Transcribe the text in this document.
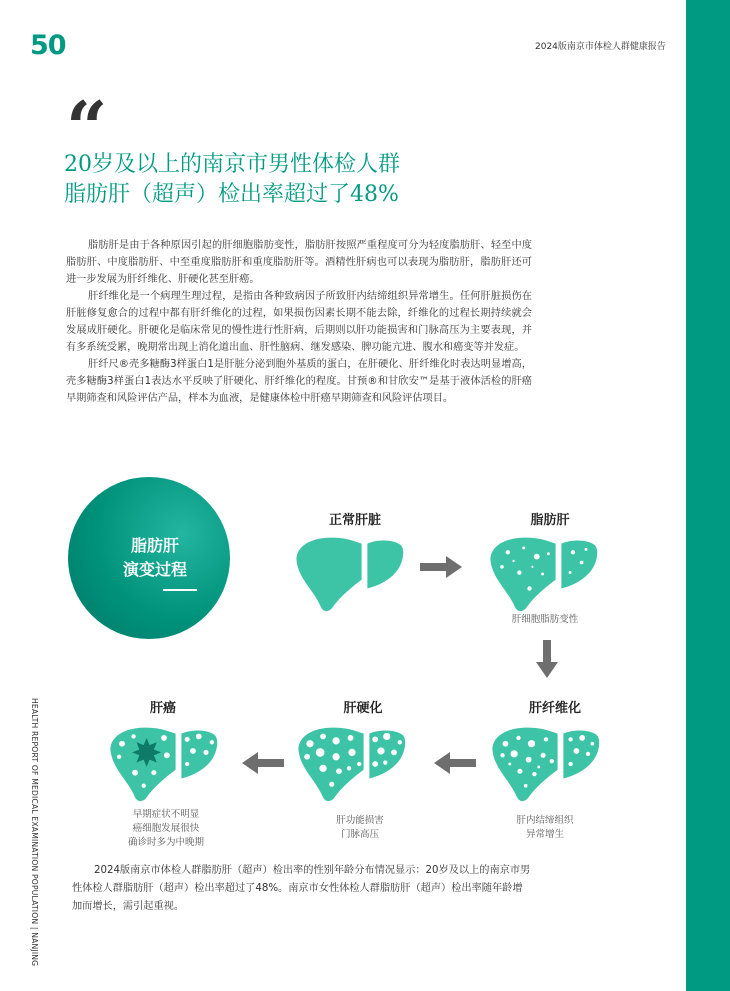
50	2024版南京市体检人群健康报告
“
20岁及以上的南京市男性体检人群
脂肪肝（超声）检出率超过了48%

脂肪肝是由于各种原因引起的肝细胞脂肪变性，脂肪肝按照严重程度可分为轻度脂肪肝、轻至中度脂肪肝、中度脂肪肝、中至重度脂肪肝和重度脂肪肝等。酒精性肝病也可以表现为脂肪肝，脂肪肝还可进一步发展为肝纤维化、肝硬化甚至肝癌。

肝纤维化是一个病理生理过程，是指由各种致病因子所致肝内结缔组织异常增生。任何肝脏损伤在肝脏修复愈合的过程中都有肝纤维化的过程，如果损伤因素长期不能去除，纤维化的过程长期持续就会发展成肝硬化。肝硬化是临床常见的慢性进行性肝病，后期则以肝功能损害和门脉高压为主要表现，并有多系统受累，晚期常出现上消化道出血、肝性脑病、继发感染、脾功能亢进、腹水和癌变等并发症。

肝纤尺®壳多糖酶3样蛋白1是肝脏分泌到胞外基质的蛋白，在肝硬化、肝纤维化时表达明显增高，壳多糖酶3样蛋白1表达水平反映了肝硬化、肝纤维化的程度。甘预®和甘欣安™是基于液体活检的肝癌早期筛查和风险评估产品，样本为血液，是健康体检中肝癌早期筛查和风险评估项目。

脂肪肝
演变过程
正常肝脏	脂肪肝
肝纤维化
肝硬化
肝癌
肝细胞脂肪变性
肝内结缔组织
异常增生
肝功能损害
门脉高压
早期症状不明显
癌细胞发展很快
确诊时多为中晚期
HEALTH REPORT OF MEDICAL EXAMINATION POPULATION | NANJING	2024版南京市体检人群脂肪肝（超声）检出率的性别年龄分布情况显示：20岁及以上的南京市男性体检人群脂肪肝（超声）检出率超过了48%。南京市女性体检人群脂肪肝（超声）检出率随年龄增加而增长，需引起重视。
